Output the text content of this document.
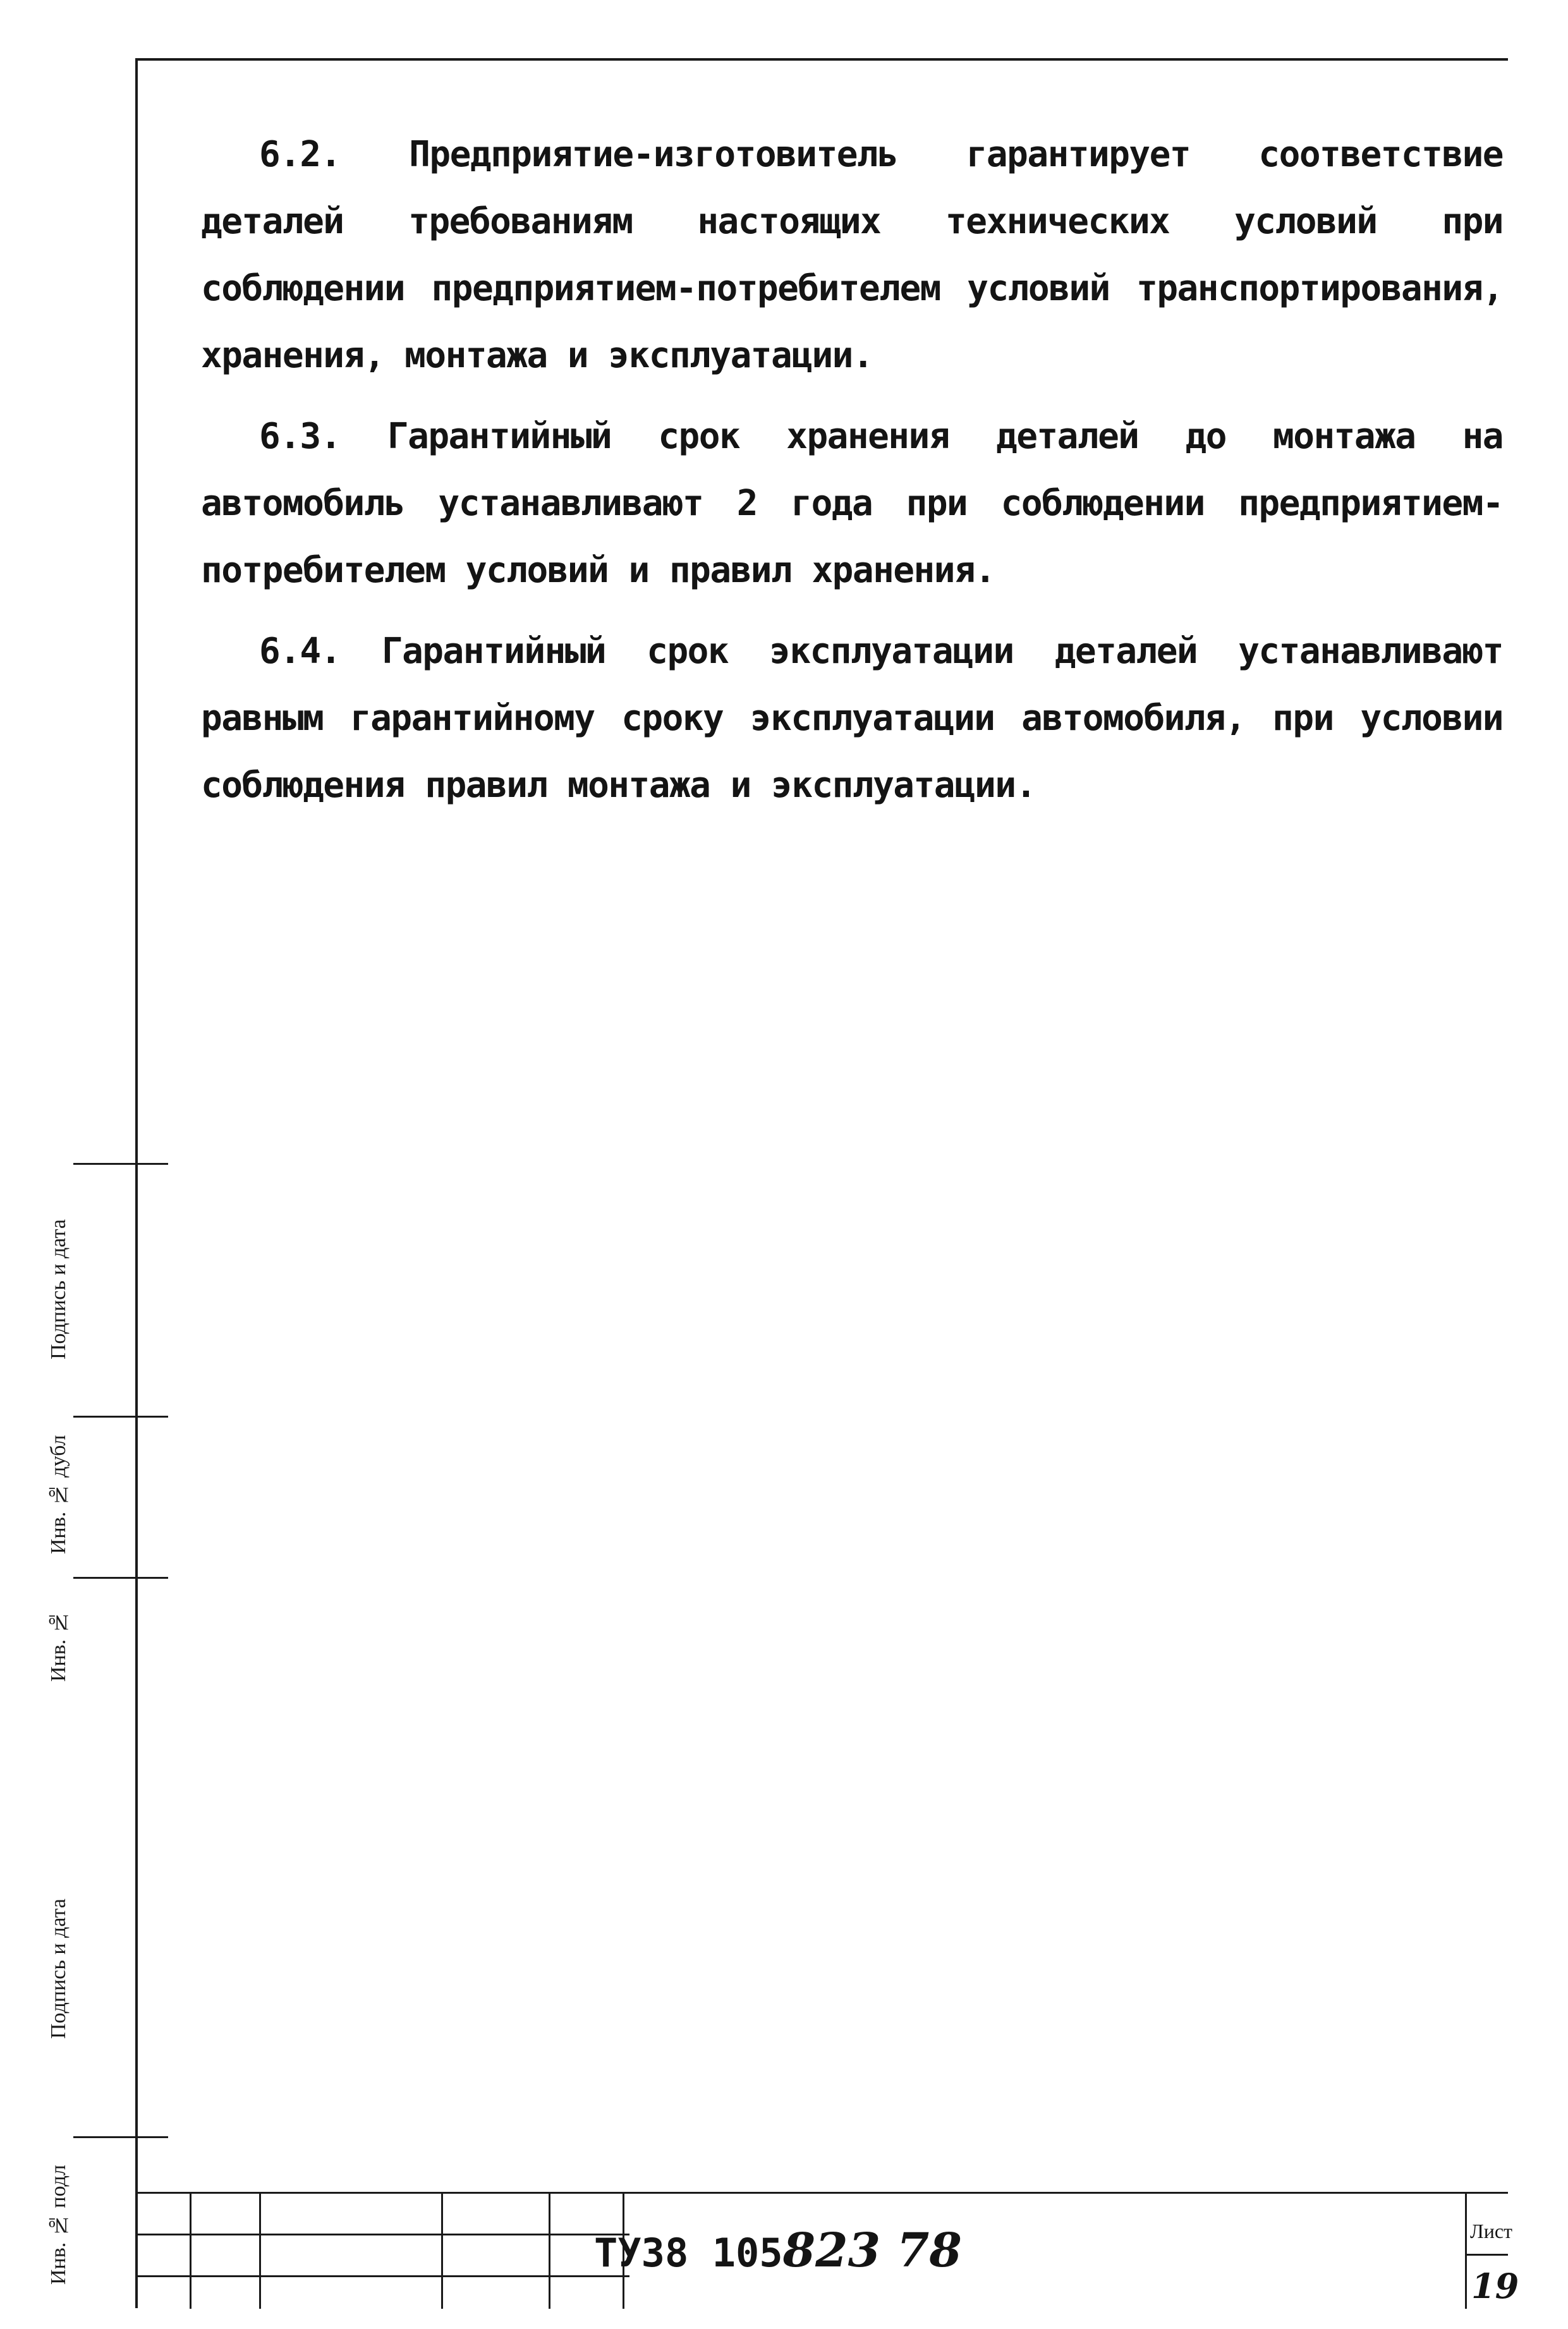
6.2. Предприятие-изготовитель гарантирует соответствие деталей требованиям настоящих технических условий при соблюдении предприятием-потребителем условий транспортирования, хранения, монтажа и эксплуатации.

6.3. Гарантийный срок хранения деталей до монтажа на автомобиль устанавливают 2 года при соблюдении предприятием-потребителем условий и правил хранения.

6.4. Гарантийный срок эксплуатации деталей устанавливают равным гарантийному сроку эксплуатации автомобиля, при условии соблюдения правил монтажа и эксплуатации.

Подпись и дата
Инв. № дубл
Инв. №
Подпись и дата
Инв. № подл	ТУ38 105 823 78	Лист
19
